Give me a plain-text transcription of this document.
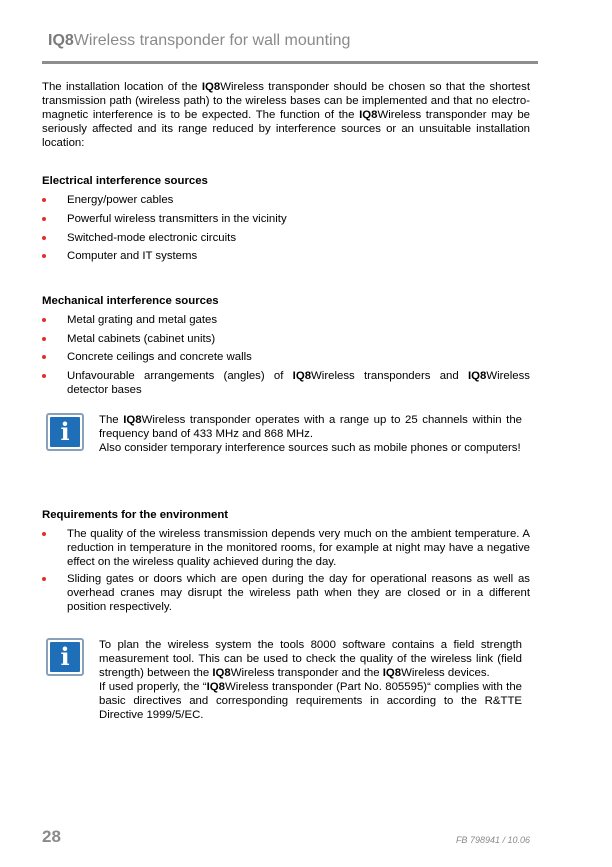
IQ8Wireless transponder for wall mounting
The installation location of the IQ8Wireless transponder should be chosen so that the shortest transmission path (wireless path) to the wireless bases can be implemented and that no electro-magnetic interference is to be expected. The function of the IQ8Wireless transponder may be seriously affected and its range reduced by interference sources or an unsuitable installation location:
Electrical interference sources
Energy/power cables
Powerful wireless transmitters in the vicinity
Switched-mode electronic circuits
Computer and IT systems
Mechanical interference sources
Metal grating and metal gates
Metal cabinets (cabinet units)
Concrete ceilings and concrete walls
Unfavourable arrangements (angles) of IQ8Wireless transponders and IQ8Wireless detector bases
i	The IQ8Wireless transponder operates with a range up to 25 channels within the frequency band of 433 MHz and 868 MHz.
Also consider temporary interference sources such as mobile phones or computers!
Requirements for the environment
The quality of the wireless transmission depends very much on the ambient temperature. A reduction in temperature in the monitored rooms, for example at night may have a negative effect on the wireless quality achieved during the day.
Sliding gates or doors which are open during the day for operational reasons as well as overhead cranes may disrupt the wireless path when they are closed or in a different position respectively.
i	To plan the wireless system the tools 8000 software contains a field strength measurement tool. This can be used to check the quality of the wireless link (field strength) between the IQ8Wireless transponder and the IQ8Wireless devices.
If used properly, the “IQ8Wireless transponder (Part No. 805595)“ complies with the basic directives and corresponding requirements in according to the R&TTE Directive 1999/5/EC.
28	FB 798941 / 10.06
